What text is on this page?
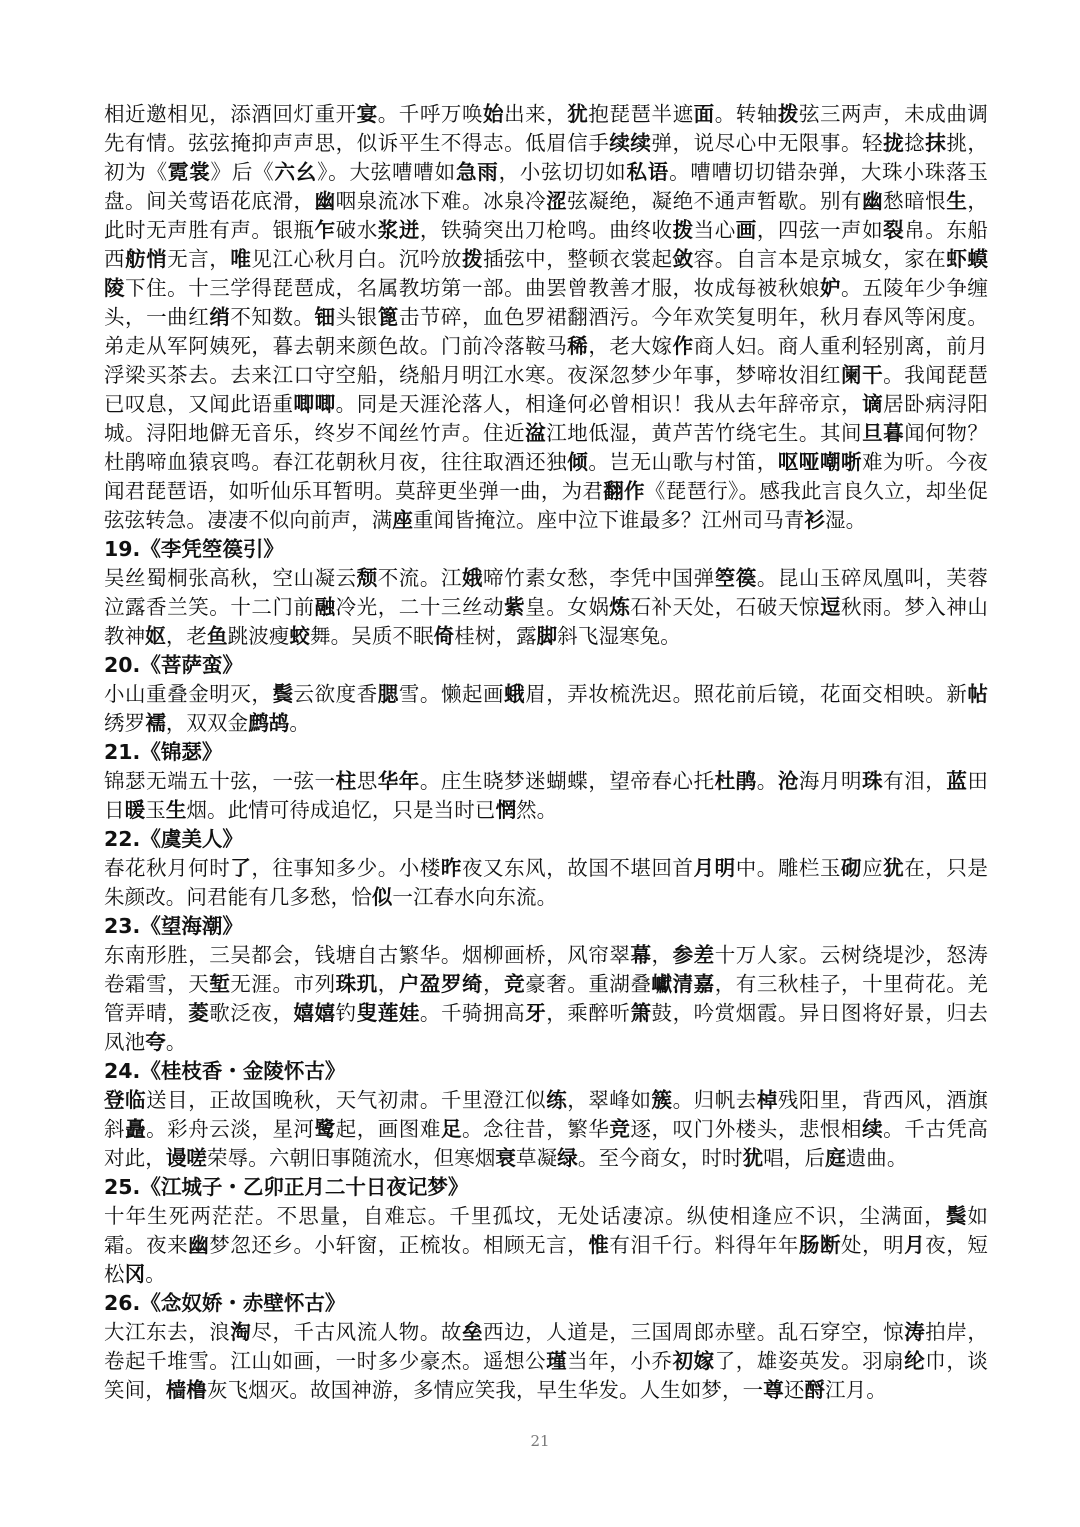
相近邀相见，添酒回灯重开宴。千呼万唤始出来，犹抱琵琶半遮面。转轴拨弦三两声，未成曲调先有情。弦弦掩抑声声思，似诉平生不得志。低眉信手续续弹，说尽心中无限事。轻拢捻抹挑，初为《霓裳》后《六幺》。大弦嘈嘈如急雨，小弦切切如私语。嘈嘈切切错杂弹，大珠小珠落玉盘。间关莺语花底滑，幽咽泉流冰下难。冰泉冷涩弦凝绝，凝绝不通声暂歇。别有幽愁暗恨生，此时无声胜有声。银瓶乍破水浆迸，铁骑突出刀枪鸣。曲终收拨当心画，四弦一声如裂帛。东船西舫悄无言，唯见江心秋月白。沉吟放拨插弦中，整顿衣裳起敛容。自言本是京城女，家在虾蟆陵下住。十三学得琵琶成，名属教坊第一部。曲罢曾教善才服，妆成每被秋娘妒。五陵年少争缠头，一曲红绡不知数。钿头银篦击节碎，血色罗裙翻酒污。今年欢笑复明年，秋月春风等闲度。弟走从军阿姨死，暮去朝来颜色故。门前冷落鞍马稀，老大嫁作商人妇。商人重利轻别离，前月浮梁买茶去。去来江口守空船，绕船月明江水寒。夜深忽梦少年事，梦啼妆泪红阑干。我闻琵琶已叹息，又闻此语重唧唧。同是天涯沦落人，相逢何必曾相识！我从去年辞帝京，谪居卧病浔阳城。浔阳地僻无音乐，终岁不闻丝竹声。住近湓江地低湿，黄芦苦竹绕宅生。其间旦暮闻何物？杜鹃啼血猿哀鸣。春江花朝秋月夜，往往取酒还独倾。岂无山歌与村笛，呕哑嘲哳难为听。今夜闻君琵琶语，如听仙乐耳暂明。莫辞更坐弹一曲，为君翻作《琵琶行》。感我此言良久立，却坐促弦弦转急。凄凄不似向前声，满座重闻皆掩泣。座中泣下谁最多？江州司马青衫湿。

19.《李凭箜篌引》

吴丝蜀桐张高秋，空山凝云颓不流。江娥啼竹素女愁，李凭中国弹箜篌。昆山玉碎凤凰叫，芙蓉泣露香兰笑。十二门前融冷光，二十三丝动紫皇。女娲炼石补天处，石破天惊逗秋雨。梦入神山教神妪，老鱼跳波瘦蛟舞。吴质不眠倚桂树，露脚斜飞湿寒兔。

20.《菩萨蛮》

小山重叠金明灭，鬓云欲度香腮雪。懒起画蛾眉，弄妆梳洗迟。照花前后镜，花面交相映。新帖绣罗襦，双双金鹧鸪。

21.《锦瑟》

锦瑟无端五十弦，一弦一柱思华年。庄生晓梦迷蝴蝶，望帝春心托杜鹃。沧海月明珠有泪，蓝田日暖玉生烟。此情可待成追忆，只是当时已惘然。

22.《虞美人》

春花秋月何时了，往事知多少。小楼昨夜又东风，故国不堪回首月明中。雕栏玉砌应犹在，只是朱颜改。问君能有几多愁，恰似一江春水向东流。

23.《望海潮》

东南形胜，三吴都会，钱塘自古繁华。烟柳画桥，风帘翠幕，参差十万人家。云树绕堤沙，怒涛卷霜雪，天堑无涯。市列珠玑，户盈罗绮，竞豪奢。重湖叠巘清嘉，有三秋桂子，十里荷花。羌管弄晴，菱歌泛夜，嬉嬉钓叟莲娃。千骑拥高牙，乘醉听箫鼓，吟赏烟霞。异日图将好景，归去凤池夸。

24.《桂枝香・金陵怀古》

登临送目，正故国晚秋，天气初肃。千里澄江似练，翠峰如簇。归帆去棹残阳里，背西风，酒旗斜矗。彩舟云淡，星河鹭起，画图难足。念往昔，繁华竞逐，叹门外楼头，悲恨相续。千古凭高对此，谩嗟荣辱。六朝旧事随流水，但寒烟衰草凝绿。至今商女，时时犹唱，后庭遗曲。

25.《江城子・乙卯正月二十日夜记梦》

十年生死两茫茫。不思量，自难忘。千里孤坟，无处话凄凉。纵使相逢应不识，尘满面，鬓如霜。夜来幽梦忽还乡。小轩窗，正梳妆。相顾无言，惟有泪千行。料得年年肠断处，明月夜，短松冈。

26.《念奴娇・赤壁怀古》

大江东去，浪淘尽，千古风流人物。故垒西边，人道是，三国周郎赤壁。乱石穿空，惊涛拍岸，卷起千堆雪。江山如画，一时多少豪杰。遥想公瑾当年，小乔初嫁了，雄姿英发。羽扇纶巾，谈笑间，樯橹灰飞烟灭。故国神游，多情应笑我，早生华发。人生如梦，一尊还酹江月。

21
